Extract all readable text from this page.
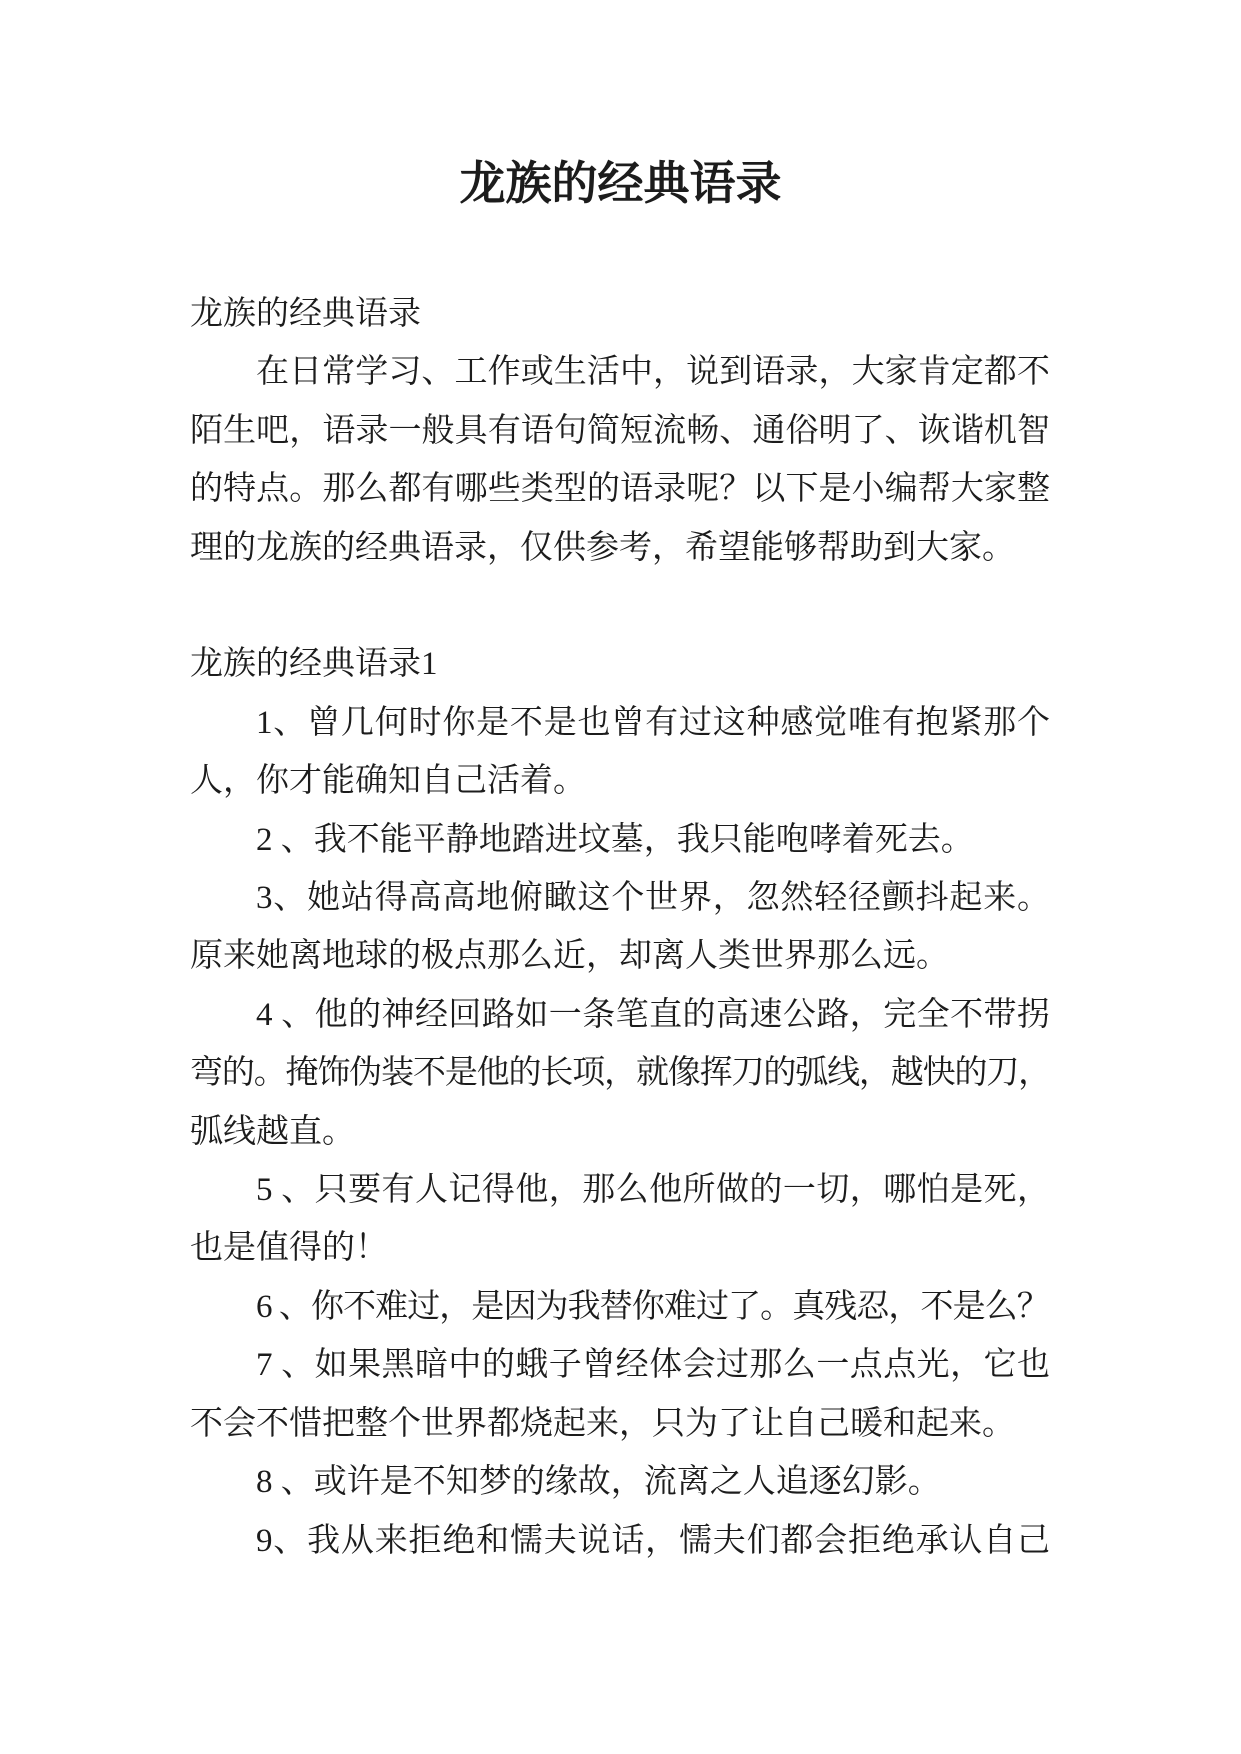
龙族的经典语录
龙族的经典语录
在日常学习、工作或生活中，说到语录，大家肯定都不
陌生吧，语录一般具有语句简短流畅、通俗明了、诙谐机智
的特点。那么都有哪些类型的语录呢？以下是小编帮大家整
理的龙族的经典语录，仅供参考，希望能够帮助到大家。
龙族的经典语录1
1、曾几何时你是不是也曾有过这种感觉唯有抱紧那个
人，你才能确知自己活着。
2 、我不能平静地踏进坟墓，我只能咆哮着死去。
3、她站得高高地俯瞰这个世界，忽然轻径颤抖起来。
原来她离地球的极点那么近，却离人类世界那么远。
4 、他的神经回路如一条笔直的高速公路，完全不带拐
弯的。掩饰伪装不是他的长项，就像挥刀的弧线，越快的刀，
弧线越直。
5 、只要有人记得他，那么他所做的一切，哪怕是死，
也是值得的！
6 、你不难过，是因为我替你难过了。真残忍，不是么？
7 、如果黑暗中的蛾子曾经体会过那么一点点光，它也
不会不惜把整个世界都烧起来，只为了让自己暖和起来。
8 、或许是不知梦的缘故，流离之人追逐幻影。
9、我从来拒绝和懦夫说话，懦夫们都会拒绝承认自己
